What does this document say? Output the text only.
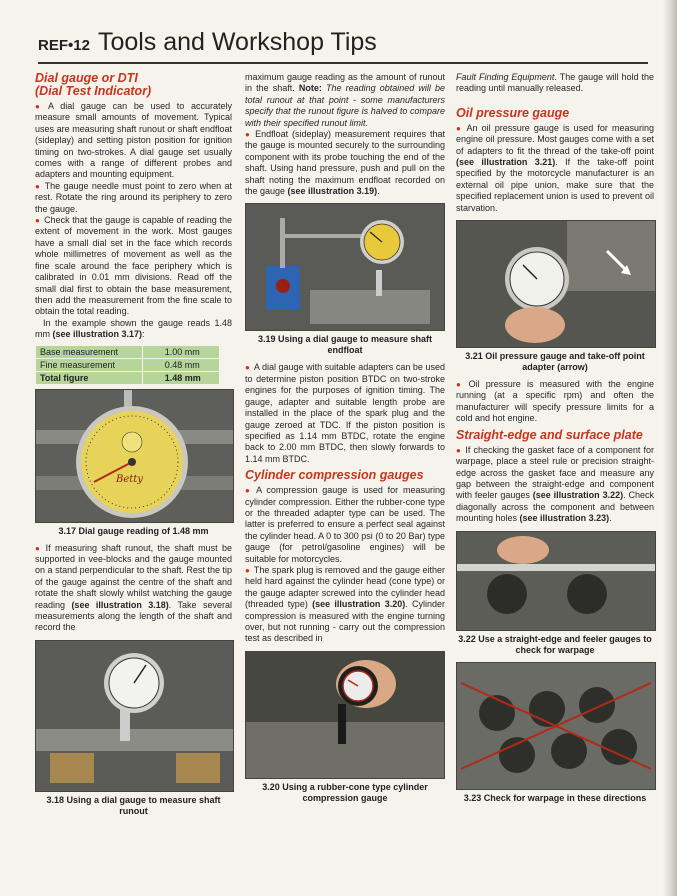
REF•12 Tools and Workshop Tips
Dial gauge or DTI
(Dial Test Indicator)

● A dial gauge can be used to accurately measure small amounts of movement. Typical uses are measuring shaft runout or shaft endfloat (sideplay) and setting piston position for ignition timing on two-strokes. A dial gauge set usually comes with a range of different probes and adapters and mounting equipment.

● The gauge needle must point to zero when at rest. Rotate the ring around its periphery to zero the gauge.

● Check that the gauge is capable of reading the extent of movement in the work. Most gauges have a small dial set in the face which records whole millimetres of movement as well as the fine scale around the face periphery which is calibrated in 0.01 mm divisions. Read off the small dial first to obtain the base measurement, then add the measurement from the fine scale to obtain the total reading.

In the example shown the gauge reads 1.48 mm (see illustration 3.17):

Base measurement	1.00 mm
Fine measurement	0.48 mm
Total figure	1.48 mm
Betty
3.17 Dial gauge reading of 1.48 mm

● If measuring shaft runout, the shaft must be supported in vee-blocks and the gauge mounted on a stand perpendicular to the shaft. Rest the tip of the gauge against the centre of the shaft and rotate the shaft slowly whilst watching the gauge reading (see illustration 3.18). Take several measurements along the length of the shaft and record the

3.18 Using a dial gauge to measure shaft runout

maximum gauge reading as the amount of runout in the shaft. Note: The reading obtained will be total runout at that point - some manufacturers specify that the runout figure is halved to compare with their specified runout limit.

● Endfloat (sideplay) measurement requires that the gauge is mounted securely to the surrounding component with its probe touching the end of the shaft. Using hand pressure, push and pull on the shaft noting the maximum endfloat recorded on the gauge (see illustration 3.19).

3.19 Using a dial gauge to measure shaft endfloat

● A dial gauge with suitable adapters can be used to determine piston position BTDC on two-stroke engines for the purposes of ignition timing. The gauge, adapter and suitable length probe are installed in the place of the spark plug and the gauge zeroed at TDC. If the piston position is specified as 1.14 mm BTDC, rotate the engine back to 2.00 mm BTDC, then slowly forwards to 1.14 mm BTDC.

Cylinder compression gauges

● A compression gauge is used for measuring cylinder compression. Either the rubber-cone type or the threaded adapter type can be used. The latter is preferred to ensure a perfect seal against the cylinder head. A 0 to 300 psi (0 to 20 Bar) type gauge (for petrol/gasoline engines) will be suitable for motorcycles.

● The spark plug is removed and the gauge either held hard against the cylinder head (cone type) or the gauge adapter screwed into the cylinder head (threaded type) (see illustration 3.20). Cylinder compression is measured with the engine turning over, but not running - carry out the compression test as described in

3.20 Using a rubber-cone type cylinder compression gauge

Fault Finding Equipment. The gauge will hold the reading until manually released.

Oil pressure gauge

● An oil pressure gauge is used for measuring engine oil pressure. Most gauges come with a set of adapters to fit the thread of the take-off point (see illustration 3.21). If the take-off point specified by the motorcycle manufacturer is an external oil pipe union, make sure that the specified replacement union is used to prevent oil starvation.

3.21 Oil pressure gauge and take-off point adapter (arrow)

● Oil pressure is measured with the engine running (at a specific rpm) and often the manufacturer will specify pressure limits for a cold and hot engine.

Straight-edge and surface plate

● If checking the gasket face of a component for warpage, place a steel rule or precision straight-edge across the gasket face and measure any gap between the straight-edge and component with feeler gauges (see illustration 3.22). Check diagonally across the component and between mounting holes (see illustration 3.23).

3.22 Use a straight-edge and feeler gauges to check for warpage
3.23 Check for warpage in these directions
